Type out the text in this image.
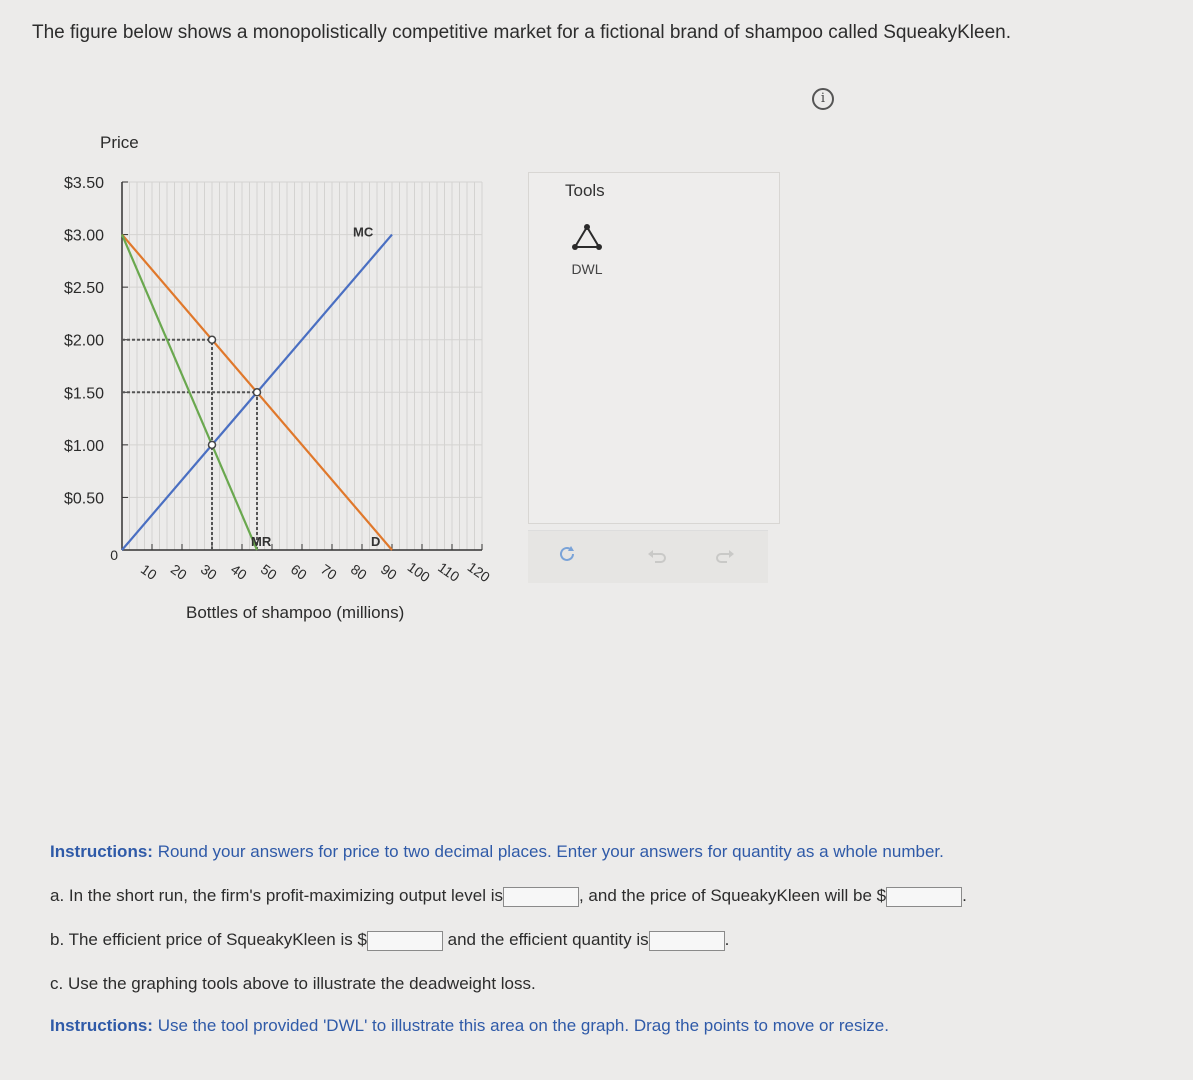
The figure below shows a monopolistically competitive market for a fictional brand of shampoo called SqueakyKleen.
i
$3.50
$3.00
$2.50
$2.00
$1.50
$1.00
$0.50
10 20 30 40 50 60 70 80 90 100 110 120
0
Price
Bottles of shampoo (millions)
MC
D
MR
Tools
DWL
Instructions: Round your answers for price to two decimal places. Enter your answers for quantity as a whole number.
a. In the short run, the firm's profit-maximizing output level is	, and the price of SqueakyKleen will be $	.
b. The efficient price of SqueakyKleen is $	and the efficient quantity is	.
c. Use the graphing tools above to illustrate the deadweight loss.
Instructions: Use the tool provided 'DWL' to illustrate this area on the graph. Drag the points to move or resize.
